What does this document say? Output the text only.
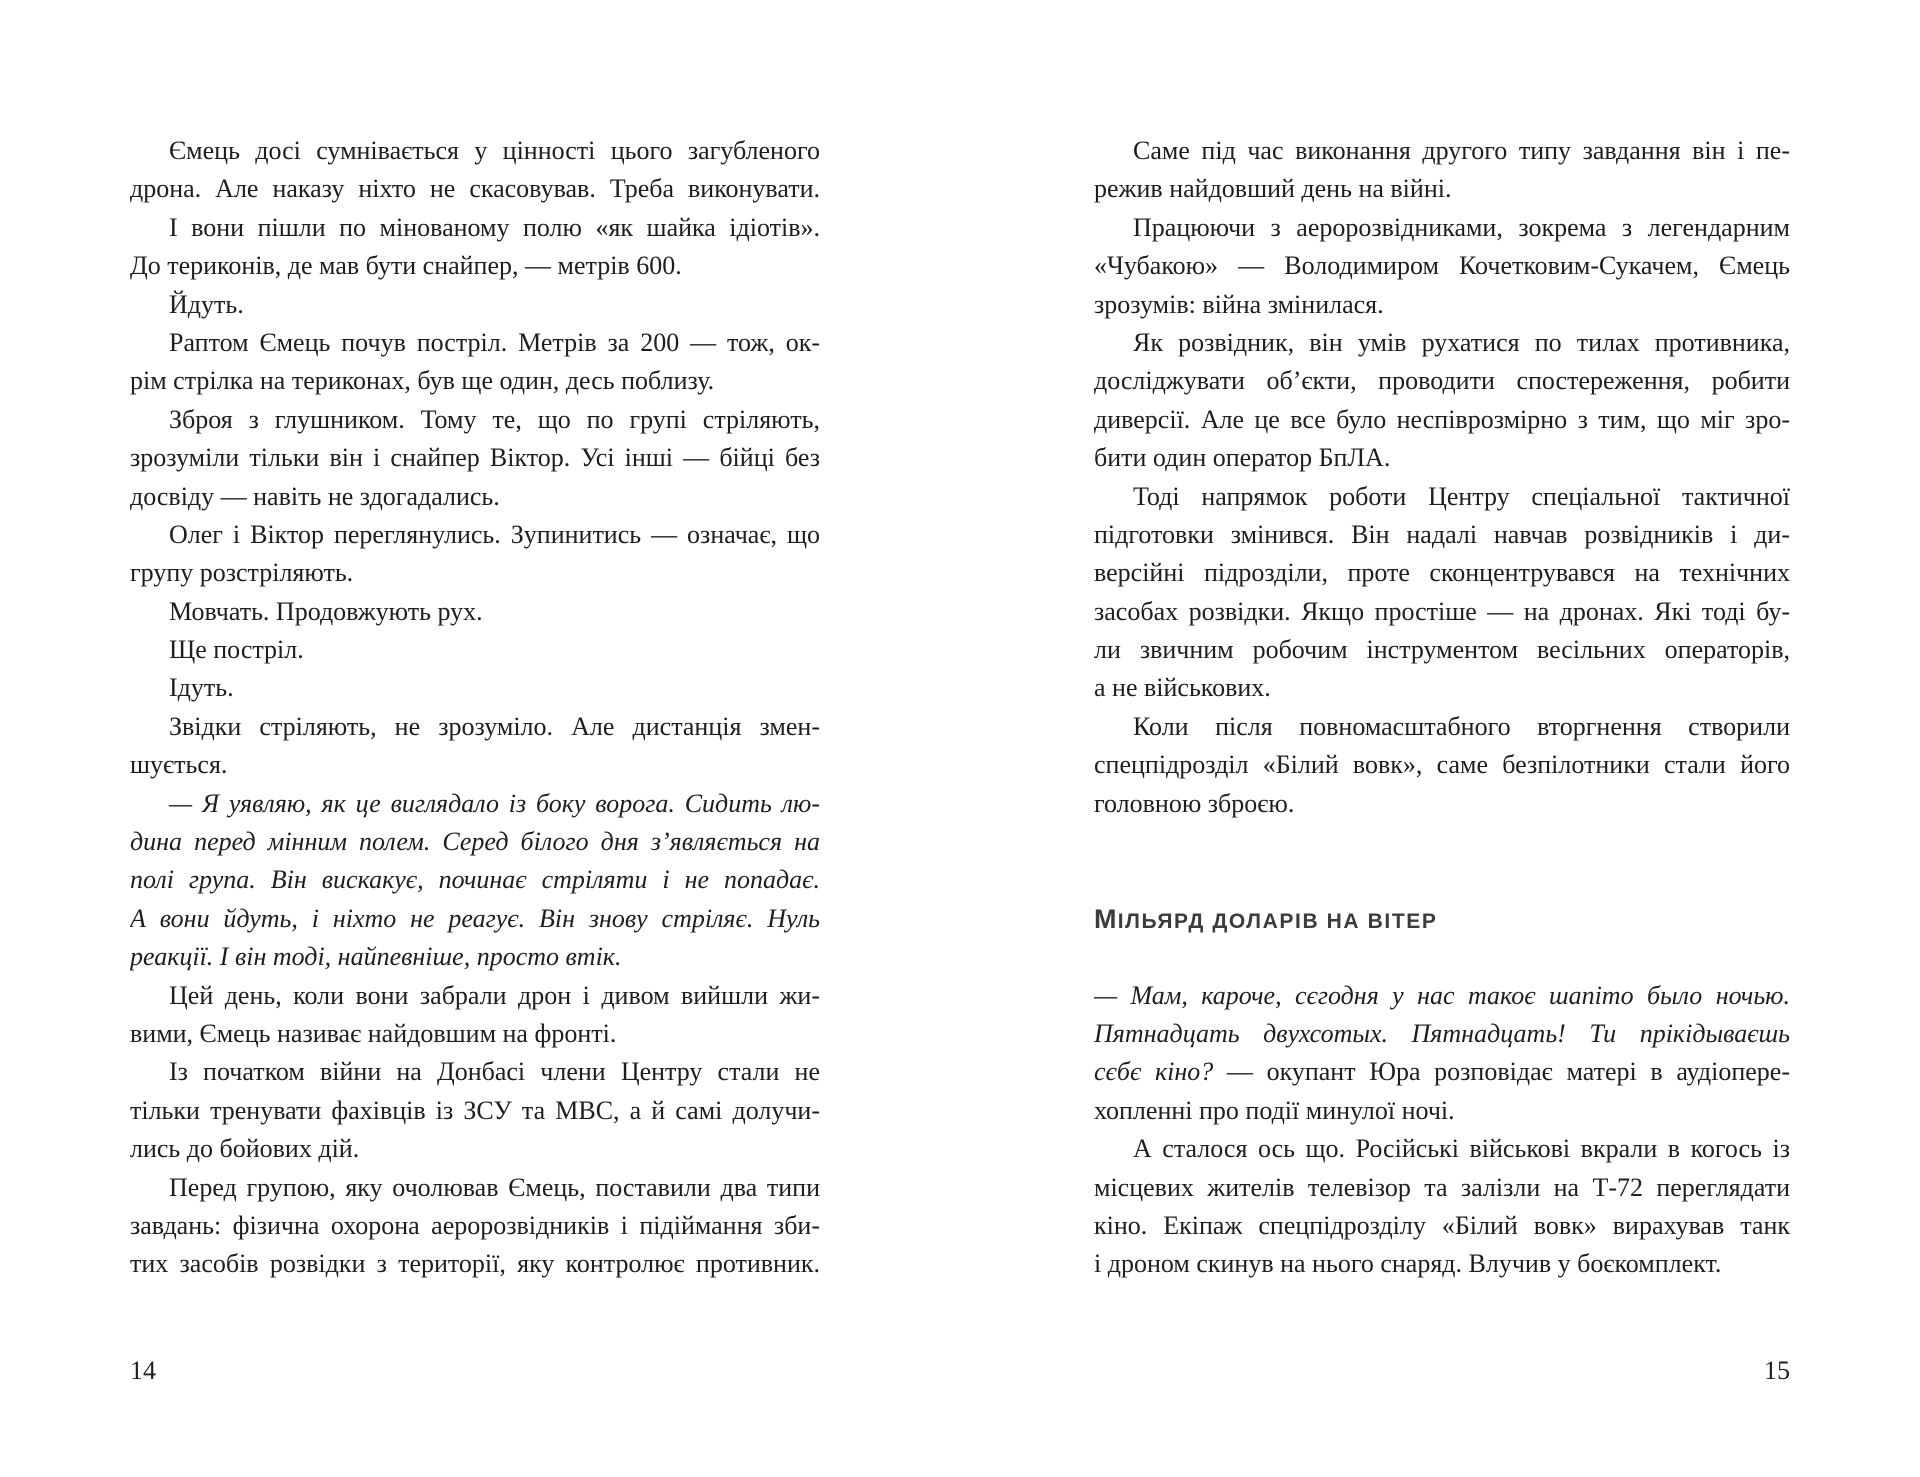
Ємець досі сумнівається у цінності цього загубленого
дрона. Але наказу ніхто не скасовував. Треба виконувати.
І вони пішли по мінованому полю «як шайка ідіотів».
До териконів, де мав бути снайпер, — метрів 600.
Йдуть.
Раптом Ємець почув постріл. Метрів за 200 — тож, ок-
рім стрілка на териконах, був ще один, десь поблизу.
Зброя з глушником. Тому те, що по групі стріляють,
зрозуміли тільки він і снайпер Віктор. Усі інші — бійці без
досвіду — навіть не здогадались.
Олег і Віктор переглянулись. Зупинитись — означає, що
групу розстріляють.
Мовчать. Продовжують рух.
Ще постріл.
Ідуть.
Звідки стріляють, не зрозуміло. Але дистанція змен-
шується.
— Я уявляю, як це виглядало із боку ворога. Сидить лю-
дина перед мінним полем. Серед білого дня з’являється на
полі група. Він вискакує, починає стріляти і не попадає.
А вони йдуть, і ніхто не реагує. Він знову стріляє. Нуль
реакції. І він тоді, найпевніше, просто втік.
Цей день, коли вони забрали дрон і дивом вийшли жи-
вими, Ємець називає найдовшим на фронті.
Із початком війни на Донбасі члени Центру стали не
тільки тренувати фахівців із ЗСУ та МВС, а й самі долучи-
лись до бойових дій.
Перед групою, яку очолював Ємець, поставили два типи
завдань: фізична охорона аеророзвідників і підіймання зби-
тих засобів розвідки з території, яку контролює противник.
Саме під час виконання другого типу завдання він і пе-
режив найдовший день на війні.
Працюючи з аеророзвідниками, зокрема з легендарним
«Чубакою» — Володимиром Кочетковим-Сукачем, Ємець
зрозумів: війна змінилася.
Як розвідник, він умів рухатися по тилах противника,
досліджувати об’єкти, проводити спостереження, робити
диверсії. Але це все було неспіврозмірно з тим, що міг зро-
бити один оператор БпЛА.
Тоді напрямок роботи Центру спеціальної тактичної
підготовки змінився. Він надалі навчав розвідників і ди-
версійні підрозділи, проте сконцентрувався на технічних
засобах розвідки. Якщо простіше — на дронах. Які тоді бу-
ли звичним робочим інструментом весільних операторів,
а не військових.
Коли після повномасштабного вторгнення створили
спецпідрозділ «Білий вовк», саме безпілотники стали його
головною зброєю.
МІЛЬЯРД ДОЛАРІВ НА ВІТЕР
— Мам, кароче, сєгодня у нас такоє шапіто было ночью.
Пятнадцать двухсотых. Пятнадцать! Ти прікідываєшь
сєбє кіно? — окупант Юра розповідає матері в аудіопере-
хопленні про події минулої ночі.
А сталося ось що. Російські військові вкрали в когось із
місцевих жителів телевізор та залізли на Т-72 переглядати
кіно. Екіпаж спецпідрозділу «Білий вовк» вирахував танк
і дроном скинув на нього снаряд. Влучив у боєкомплект.
14	15
